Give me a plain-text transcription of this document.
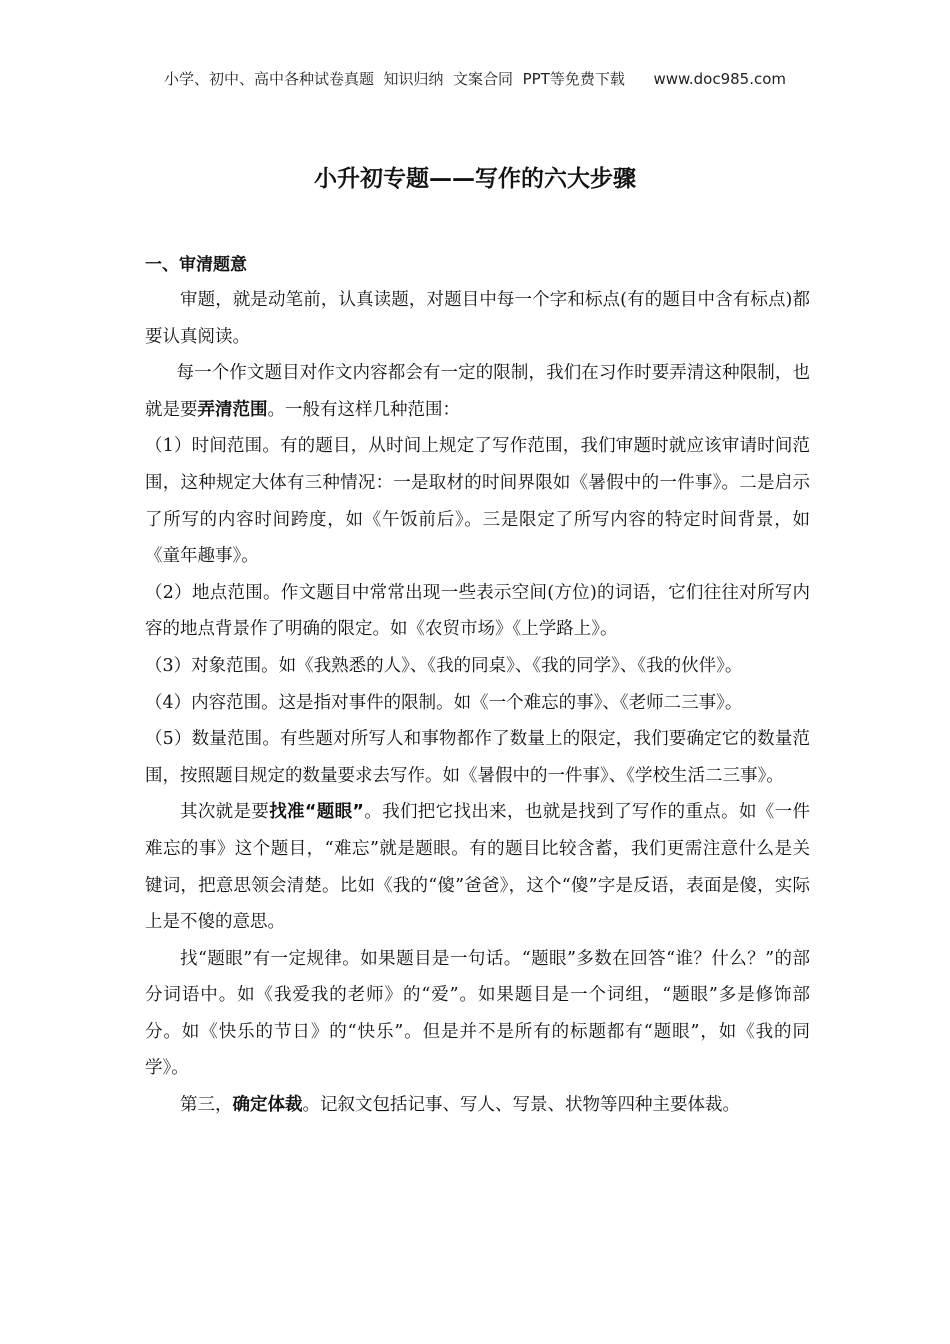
小学、初中、高中各种试卷真题  知识归纳  文案合同  PPT等免费下载      www.doc985.com
小升初专题——写作的六大步骤
一、审清题意

审题，就是动笔前，认真读题，对题目中每一个字和标点(有的题目中含有标点)都要认真阅读。

每一个作文题目对作文内容都会有一定的限制，我们在习作时要弄清这种限制，也就是要弄清范围。一般有这样几种范围：

（1）时间范围。有的题目，从时间上规定了写作范围，我们审题时就应该审请时间范围，这种规定大体有三种情况：一是取材的时间界限如《暑假中的一件事》。二是启示了所写的内容时间跨度，如《午饭前后》。三是限定了所写内容的特定时间背景，如《童年趣事》。

（2）地点范围。作文题目中常常出现一些表示空间(方位)的词语，它们往往对所写内容的地点背景作了明确的限定。如《农贸市场》《上学路上》。

（3）对象范围。如《我熟悉的人》、《我的同桌》、《我的同学》、《我的伙伴》。

（4）内容范围。这是指对事件的限制。如《一个难忘的事》、《老师二三事》。

（5）数量范围。有些题对所写人和事物都作了数量上的限定，我们要确定它的数量范围，按照题目规定的数量要求去写作。如《暑假中的一件事》、《学校生活二三事》。

其次就是要找准“题眼”。我们把它找出来，也就是找到了写作的重点。如《一件难忘的事》这个题目，“难忘”就是题眼。有的题目比较含蓄，我们更需注意什么是关键词，把意思领会清楚。比如《我的“傻”爸爸》，这个“傻”字是反语，表面是傻，实际上是不傻的意思。

找“题眼”有一定规律。如果题目是一句话。“题眼”多数在回答“谁？什么？”的部分词语中。如《我爱我的老师》的“爱”。如果题目是一个词组，“题眼”多是修饰部分。如《快乐的节日》的“快乐”。但是并不是所有的标题都有“题眼”，如《我的同学》。

第三，确定体裁。记叙文包括记事、写人、写景、状物等四种主要体裁。
